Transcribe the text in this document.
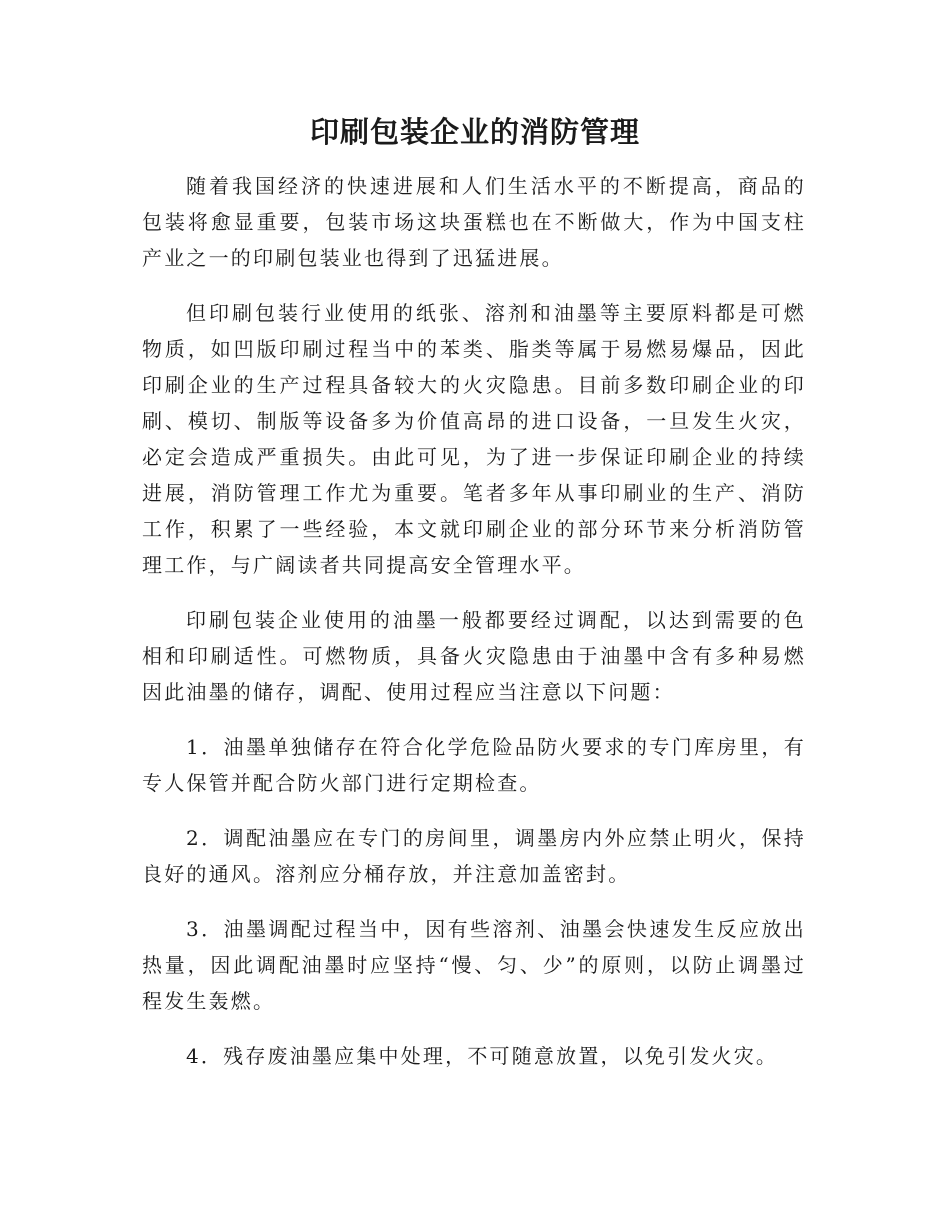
印刷包装企业的消防管理

随着我国经济的快速进展和人们生活水平的不断提高，商品的包装将愈显重要，包装市场这块蛋糕也在不断做大，作为中国支柱产业之一的印刷包装业也得到了迅猛进展。

但印刷包装行业使用的纸张、溶剂和油墨等主要原料都是可燃物质，如凹版印刷过程当中的苯类、脂类等属于易燃易爆品，因此印刷企业的生产过程具备较大的火灾隐患。目前多数印刷企业的印刷、模切、制版等设备多为价值高昂的进口设备，一旦发生火灾，必定会造成严重损失。由此可见，为了进一步保证印刷企业的持续进展，消防管理工作尤为重要。笔者多年从事印刷业的生产、消防工作，积累了一些经验，本文就印刷企业的部分环节来分析消防管理工作，与广阔读者共同提高安全管理水平。

印刷包装企业使用的油墨一般都要经过调配，以达到需要的色相和印刷适性。可燃物质，具备火灾隐患由于油墨中含有多种易燃因此油墨的储存，调配、使用过程应当注意以下问题：

1．油墨单独储存在符合化学危险品防火要求的专门库房里，有专人保管并配合防火部门进行定期检查。

2．调配油墨应在专门的房间里，调墨房内外应禁止明火，保持良好的通风。溶剂应分桶存放，并注意加盖密封。

3．油墨调配过程当中，因有些溶剂、油墨会快速发生反应放出热量，因此调配油墨时应坚持“慢、匀、少”的原则，以防止调墨过程发生轰燃。

4．残存废油墨应集中处理，不可随意放置，以免引发火灾。
